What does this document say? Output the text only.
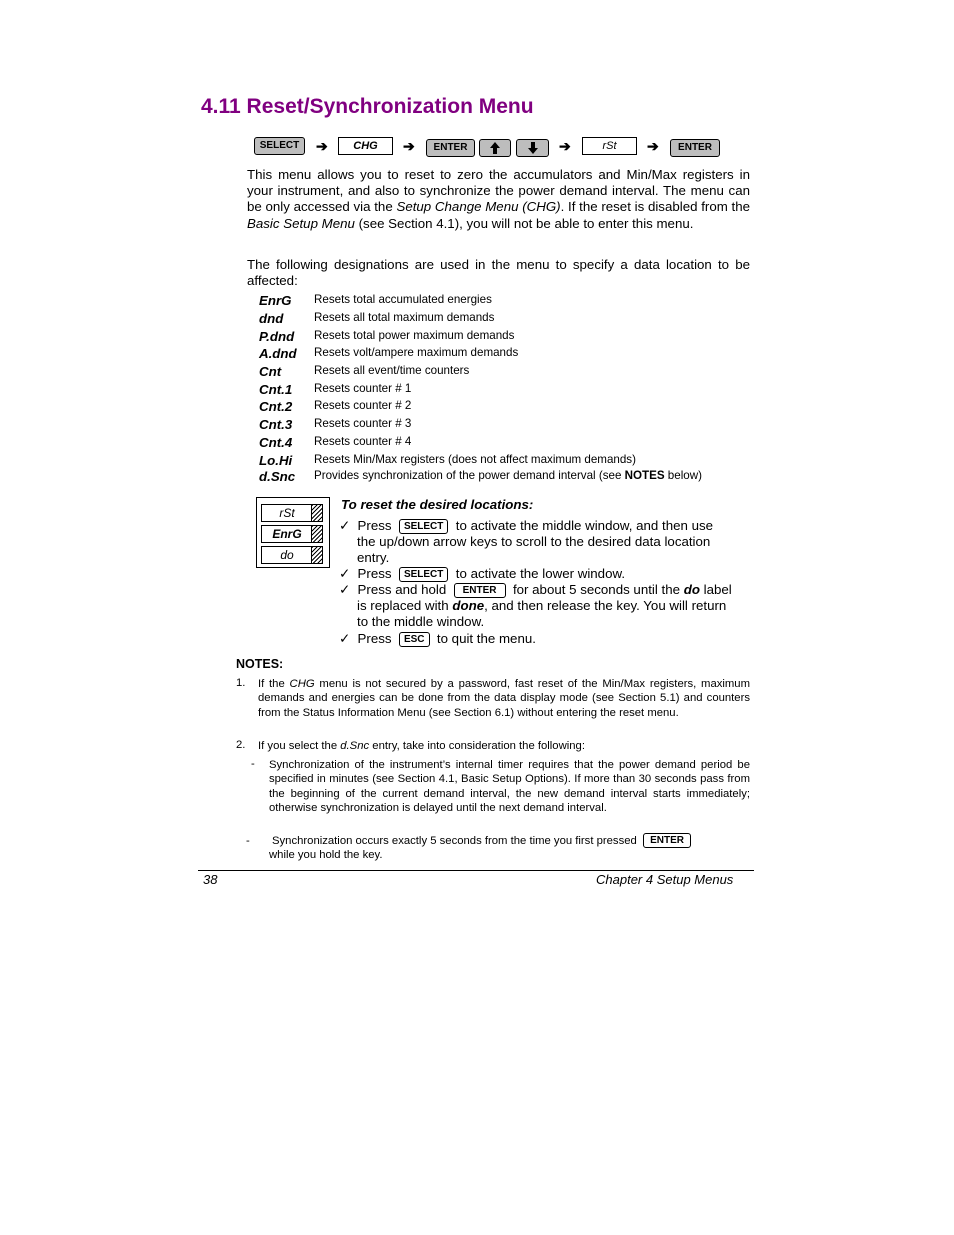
4.11 Reset/Synchronization Menu
SELECT	➔	CHG	➔	ENTER	➔	rSt	➔	ENTER

This menu allows you to reset to zero the accumulators and Min/Max registers in your instrument, and also to synchronize the power demand interval. The menu can be only accessed via the Setup Change Menu (CHG). If the reset is disabled from the Basic Setup Menu (see Section 4.1), you will not be able to enter this menu.

The following designations are used in the menu to specify a data location to be affected:

EnrG Resets total accumulated energies
dnd	Resets all total maximum demands
P.dnd Resets total power maximum demands
A.dnd Resets volt/ampere maximum demands
Cnt	Resets all event/time counters
Cnt.1 Resets counter # 1
Cnt.2 Resets counter # 2
Cnt.3 Resets counter # 3
Cnt.4 Resets counter # 4
Lo.Hi Resets Min/Max registers (does not affect maximum demands)
d.Snc Provides synchronization of the power demand interval (see NOTES below)
rSt
EnrG
do
To reset the desired locations:
✓ Press SELECT to activate the middle window, and then use
the up/down arrow keys to scroll to the desired data location
entry.
✓ Press SELECT to activate the lower window.
✓ Press and hold ENTER for about 5 seconds until the do label
is replaced with done, and then release the key. You will return
to the middle window.
✓ Press ESC to quit the menu.
NOTES:
1. If the CHG menu is not secured by a password, fast reset of the Min/Max registers, maximum demands and energies can be done from the data display mode (see Section 5.1) and counters from the Status Information Menu (see Section 6.1) without entering the reset menu.

2. If you select the d.Snc entry, take into consideration the following:

- Synchronization of the instrument’s internal timer requires that the power demand period be specified in minutes (see Section 4.1, Basic Setup Options). If more than 30 seconds pass from the beginning of the current demand interval, the new demand interval starts immediately; otherwise synchronization is delayed until the next demand interval.

- Synchronization occurs exactly 5 seconds from the time you first pressed ENTER
while you hold the key.
38	Chapter 4 Setup Menus
